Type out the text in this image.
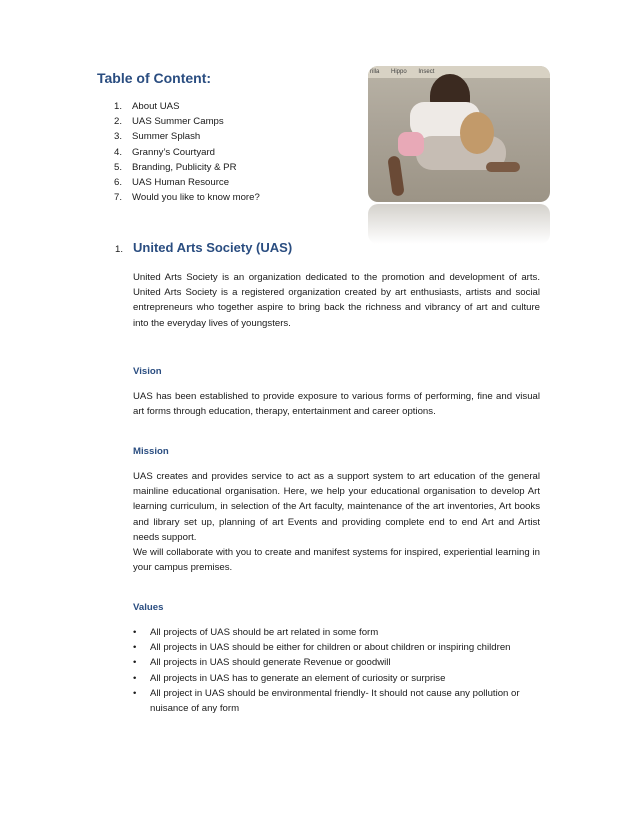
Table of Content:
1.	About UAS
2.	UAS Summer Camps
3.	Summer Splash
4.	Granny’s Courtyard
5.	Branding, Publicity & PR
6.	UAS Human Resource
7.	Would you like to know more?
rilla Hippo Insect
1. United Arts Society (UAS)
United Arts Society is an organization dedicated to the promotion and development of arts. United Arts Society is a registered organization created by art enthusiasts, artists and social entrepreneurs who together aspire to bring back the richness and vibrancy of art and culture into the everyday lives of youngsters.
Vision
UAS has been established to provide exposure to various forms of performing, fine and visual art forms through education, therapy, entertainment and career options.
Mission
UAS creates and provides service to act as a support system to art education of the general mainline educational organisation. Here, we help your educational organisation to develop Art learning curriculum, in selection of the Art faculty, maintenance of the art inventories, Art books and library set up, planning of art Events and providing complete end to end Art and Artist needs support.
We will collaborate with you to create and manifest systems for inspired, experiential learning in your campus premises.
Values
•	All projects of UAS should be art related in some form
•	All projects in UAS should be either for children or about children or inspiring children
•	All projects in UAS should generate Revenue or goodwill
•	All projects in UAS has to generate an element of curiosity or surprise
•	All project in UAS should be environmental friendly- It should not cause any pollution or nuisance of any form
